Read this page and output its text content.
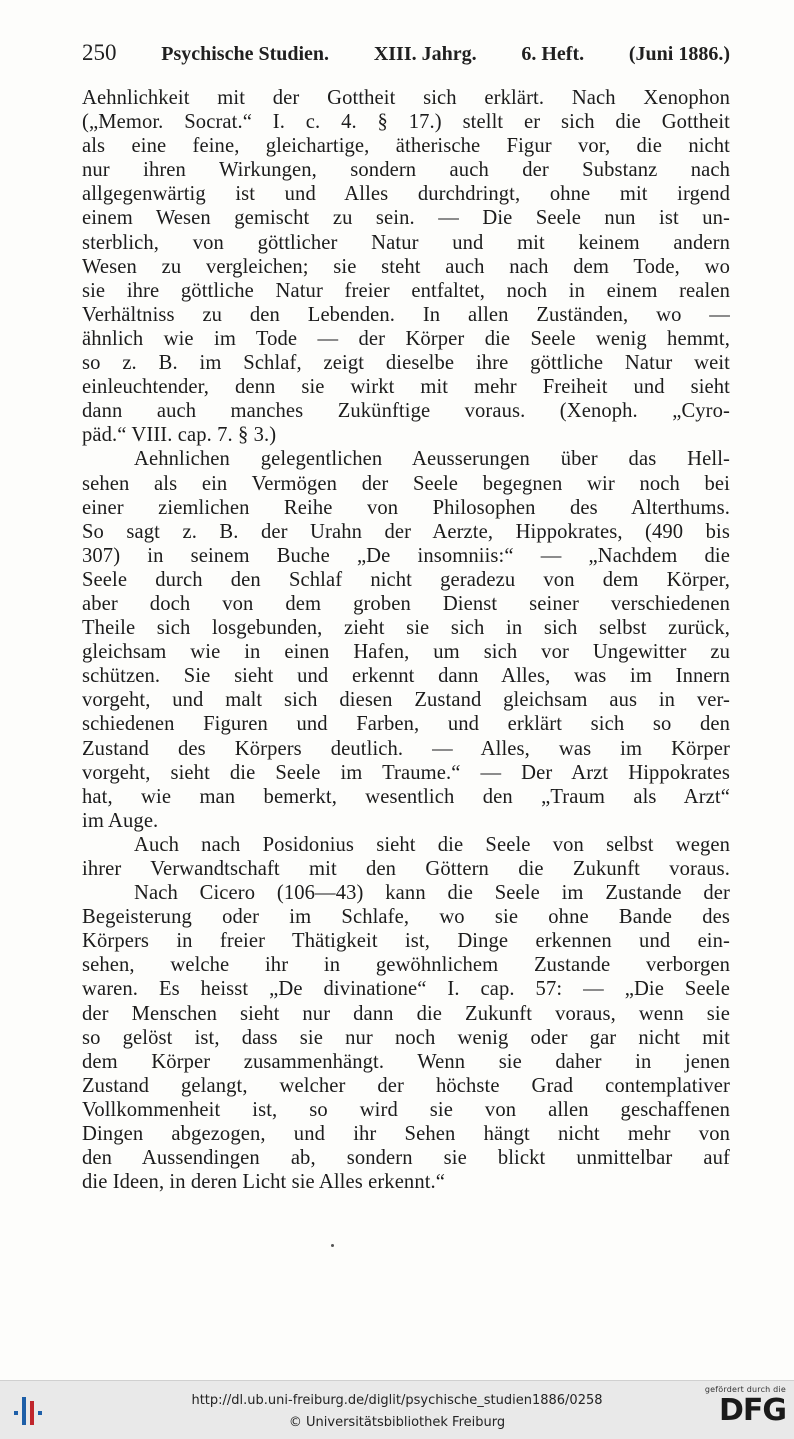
250 Psychische Studien. XIII. Jahrg. 6. Heft. (Juni 1886.)
Aehnlichkeit mit der Gottheit sich erklärt. Nach Xenophon
(„Memor. Socrat.“ I. c. 4. § 17.) stellt er sich die Gottheit
als eine feine, gleichartige, ätherische Figur vor, die nicht
nur ihren Wirkungen, sondern auch der Substanz nach
allgegenwärtig ist und Alles durchdringt, ohne mit irgend
einem Wesen gemischt zu sein. — Die Seele nun ist un-
sterblich, von göttlicher Natur und mit keinem andern
Wesen zu vergleichen; sie steht auch nach dem Tode, wo
sie ihre göttliche Natur freier entfaltet, noch in einem realen
Verhältniss zu den Lebenden. In allen Zuständen, wo —
ähnlich wie im Tode — der Körper die Seele wenig hemmt,
so z. B. im Schlaf, zeigt dieselbe ihre göttliche Natur weit
einleuchtender, denn sie wirkt mit mehr Freiheit und sieht
dann auch manches Zukünftige voraus. (Xenoph. „Cyro-
päd.“ VIII. cap. 7. § 3.)
Aehnlichen gelegentlichen Aeusserungen über das Hell-
sehen als ein Vermögen der Seele begegnen wir noch bei
einer ziemlichen Reihe von Philosophen des Alterthums.
So sagt z. B. der Urahn der Aerzte, Hippokrates, (490 bis
307) in seinem Buche „De insomniis:“ — „Nachdem die
Seele durch den Schlaf nicht geradezu von dem Körper,
aber doch von dem groben Dienst seiner verschiedenen
Theile sich losgebunden, zieht sie sich in sich selbst zurück,
gleichsam wie in einen Hafen, um sich vor Ungewitter zu
schützen. Sie sieht und erkennt dann Alles, was im Innern
vorgeht, und malt sich diesen Zustand gleichsam aus in ver-
schiedenen Figuren und Farben, und erklärt sich so den
Zustand des Körpers deutlich. — Alles, was im Körper
vorgeht, sieht die Seele im Traume.“ — Der Arzt Hippokrates
hat, wie man bemerkt, wesentlich den „Traum als Arzt“
im Auge.
Auch nach Posidonius sieht die Seele von selbst wegen
ihrer Verwandtschaft mit den Göttern die Zukunft voraus.
Nach Cicero (106—43) kann die Seele im Zustande der
Begeisterung oder im Schlafe, wo sie ohne Bande des
Körpers in freier Thätigkeit ist, Dinge erkennen und ein-
sehen, welche ihr in gewöhnlichem Zustande verborgen
waren. Es heisst „De divinatione“ I. cap. 57: — „Die Seele
der Menschen sieht nur dann die Zukunft voraus, wenn sie
so gelöst ist, dass sie nur noch wenig oder gar nicht mit
dem Körper zusammenhängt. Wenn sie daher in jenen
Zustand gelangt, welcher der höchste Grad contemplativer
Vollkommenheit ist, so wird sie von allen geschaffenen
Dingen abgezogen, und ihr Sehen hängt nicht mehr von
den Aussendingen ab, sondern sie blickt unmittelbar auf
die Ideen, in deren Licht sie Alles erkennt.“
http://dl.ub.uni-freiburg.de/diglit/psychische_studien1886/0258
© Universitätsbibliothek Freiburg
gefördert durch die
DFG
